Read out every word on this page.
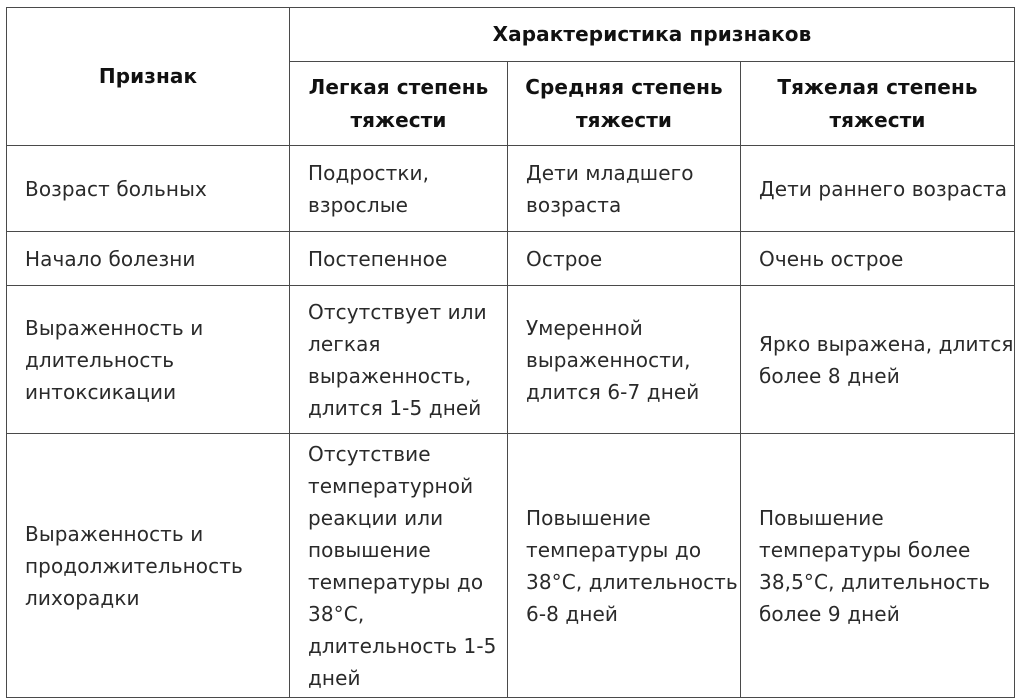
Признак	Характеристика признаков		
	Легкая степень тяжести	Средняя степень тяжести	Тяжелая степень тяжести

Возраст больных	Подростки, взрослые	Дети младшего возраста	Дети раннего возраста

Начало болезни	Постепенное	Острое	Очень острое

Выраженность и длительность интоксикации	Отсутствует или легкая выраженность, длится 1-5 дней	Умеренной выраженности, длится 6-7 дней	Ярко выражена, длится более 8 дней

Выраженность и продолжительность лихорадки	Отсутствие температурной реакции или повышение температуры до 38°С, длительность 1-5 дней	Повышение температуры до 38°С, длительность 6-8 дней	Повышение температуры более 38,5°С, длительность более 9 дней
